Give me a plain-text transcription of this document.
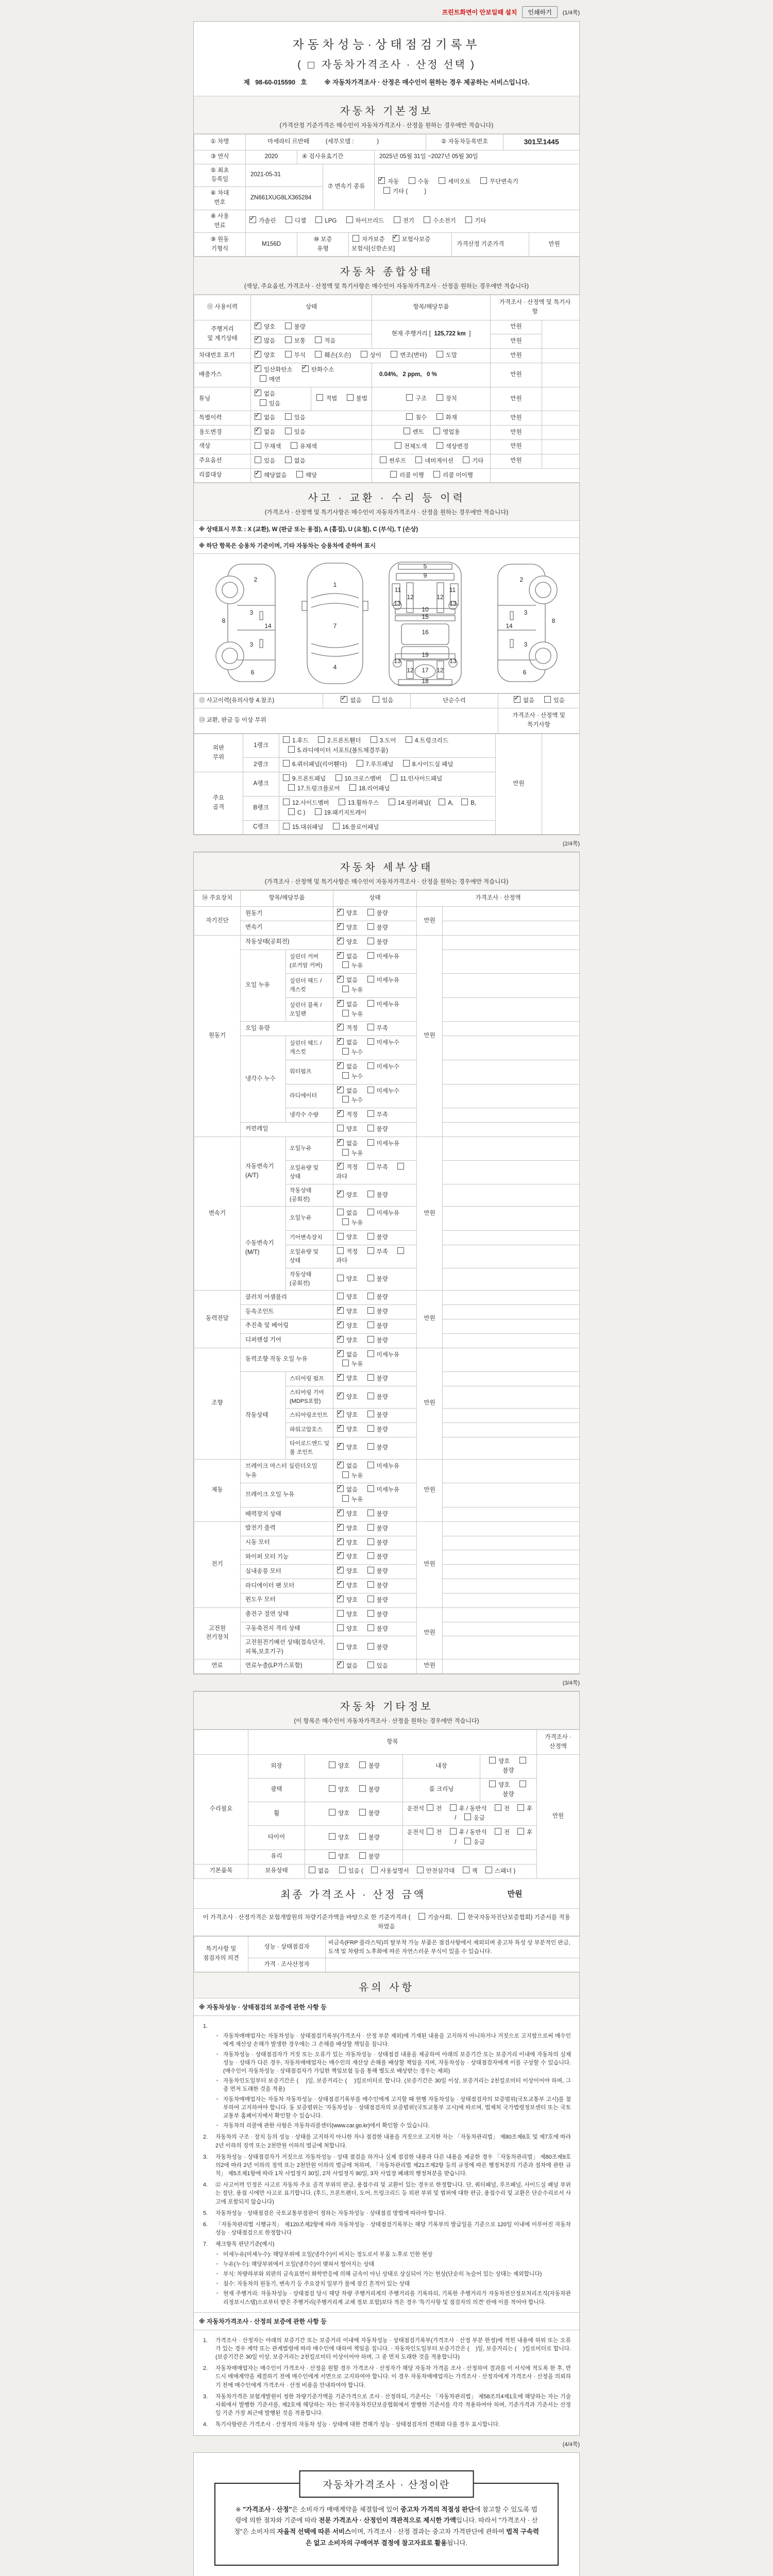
프린트화면이 안보일때 설치	인쇄하기	(1/4쪽)
자동차성능·상태점검기록부
(  자동차가격조사 · 산정 선택 )
제   98-60-015590   호	※ 자동차가격조사 · 산정은 매수인이 원하는 경우 제공하는 서비스입니다.
자동차 기본정보
(가격산정 기준가격은 매수인이 자동차가격조사 · 산정을 원하는 경우에만 적습니다)
① 차명	마세라티 르반떼          (세부모델 :              )					② 자동차등록번호		301모1445	
③ 연식	2020	④ 검사유효기간			2025년 05월 31일 ~2027년 05월 30일				
⑤ 최초
등록일	2021-05-31		⑦ 변속기 종류	✓자동 수동 세미오토 무단변속기
기타 (          )
⑥ 차대
번호	ZN661XUG8LX365284								
⑧ 사용
연료	✓가솔린 디젤 LPG 하이브리드 전기 수소전기 기타
⑨ 원동
기형식	M156D	⑩ 보증
유형		자가보증 ✓ 보험사보증 보험사[신한손보]			가격산정 기준가격		만원
자동차 종합상태
(색상, 주요옵션, 가격조사 · 산정액 및 특기사항은 매수인이 자동차가격조사 · 산정을 원하는 경우에만 적습니다)
⑪ 사용이력	상태		항목/해당부품	가격조사 · 산정액 및 특기사
항	
주행거리
및 계기상태	✓양호 불량		현재 주행거리 [  125,722 km  ]	만원	
✓많음 보통 적음			만원	
차대번호 표기	✓양호 부식 훼손(오손) 상이 변조(변타) 도말			만원	
배출가스	✓일산화탄소 ✓ 탄화수소
매연		0.04%,   2 ppm,   0 %	만원	
튜닝	✓없음
있음	적법 불법	구조 장치	만원	
특별이력	✓없음 있음		침수 화재	만원	
용도변경	✓없음 있음		렌트 영업용	만원	
색상	무채색 유채색		전체도색 색상변경	만원	
주요옵션	있음 없음		썬루프 네비게이션 기타	만원	
리콜대상	✓해당없음 해당		리콜 이행 리콜 미이행		
사고 · 교환 · 수리 등 이력
(가격조사 · 산정액 및 특기사항은 매수인이 자동차가격조사 · 산정을 원하는 경우에만 적습니다)
※ 상태표시 부호 : X (교환), W (판금 또는 용접), A (흠집), U (요철), C (부식), T (손상)
※ 하단 항목은 승용차 기준이며, 기타 자동차는 승용차에 준하여 표시
2
8
3
14
3
6
1
7
4
5
9
11	11
12	12
13	13
10
15
16
19
13	13
12	12
17
18
2
8
3
14
3
6
⑫ 사고이력(유의사항 4.참조)	✓없음 있음	단순수리	✓없음 있음
⑬ 교환, 판금 등 이상 부위			가격조사 · 산정액 및 특기사항
외판
부위	1랭크	1.후드 2.프론트휀더 3.도어 4.트렁크리드
5.라디에이터 서포트(볼트체결부품)	만원	
	2랭크	6.쿼터패널(리어휀다) 7.루프패널 8.사이드실 패널		
주요
골격	A랭크	9.프론트패널 10.크로스멤버 11.인사이드패널
17.트렁크플로어 18.리어패널		
	B랭크	12.사이드멤버 13.휠하우스 14.필러패널( A, B, C ) 19.패키지트레이		
	C랭크	15.대쉬패널 16.플로어패널		
(2/4쪽)
자동차 세부상태
(가격조사 · 산정액 및 특기사항은 매수인이 자동차가격조사 · 산정을 원하는 경우에만 적습니다)
⑭ 주요장치	항목/해당부품		상태	가격조사 · 산정액	
자기진단	원동기	✓양호 불량	만원	
	변속기	✓양호 불량	
원동기	작동상태(공회전)	✓양호 불량	만원	
	오일 누유	실린더 커버(로커암 커버)	✓없음 미세누유  누유	
		실린더 헤드 / 개스킷	✓없음 미세누유  누유	
		실린더 블록 / 오일팬	✓없음 미세누유  누유	
	오일 유량	✓적정 부족	
	냉각수 누수	실린더 헤드 / 개스킷	✓없음 미세누수  누수	
		워터펌프	✓없음 미세누수  누수	
		라디에이터	✓없음 미세누수  누수	
		냉각수 수량	✓적정 부족	
	커먼레일		양호 불량		
변속기	자동변속기
(A/T)	오일누유	✓없음 미세누유  누유	만원	
		오일유량 및 상태	✓적정 부족  과다	
		작동상태(공회전)	✓양호 불량	
	수동변속기
(M/T)	오일누유	없음 미세누유  누유		
		기어변속장치	양호 불량		
		오일유량 및 상태	적정 부족  과다		
		작동상태(공회전)	양호 불량		
동력전달	클러치 어셈블리		양호 불량	만원	
	등속조인트	✓양호 불량	
	추진축 및 베어링	✓양호 불량	
	디퍼렌셜 기어	✓양호 불량	
조향	동력조향 작동 오일 누유	✓없음 미세누유  누유	만원	
	작동상태	스티어링 펌프	✓양호 불량	
		스티어링 기어(MDPS포함)	✓양호 불량	
		스티어링조인트	✓양호 불량	
		파워고압호스	✓양호 불량	
		타이로드엔드 및 볼 조인트	✓양호 불량	
제동	브레이크 마스터 실린더오일 누유	✓없음 미세누유  누유	만원	
	브레이크 오일 누유	✓없음 미세누유  누유	
	배력장치 상태	✓양호 불량	
전기	발전기 출력	✓양호 불량	만원	
	시동 모터	✓양호 불량	
	와이퍼 모터 기능	✓양호 불량	
	실내송풍 모터	✓양호 불량	
	라디에이터 팬 모터	✓양호 불량	
	윈도우 모터	✓양호 불량	
고전원
전기장치	충전구 절연 상태		양호 불량	만원	
	구동축전지 격리 상태		양호 불량		
	고전원전기배선 상태(접속단자,피복,보호기구)		양호 불량		
연료	연료누출(LP가스포함)	✓없음 있음	만원	
(3/4쪽)
자동차 기타정보
(이 항목은 매수인이 자동차가격조사 · 산정을 원하는 경우에만 적습니다)
	항목				가격조사 · 산정액
수리필요	외장	양호 불량	내장	양호  불량	만원
	광택	양호 불량	룸 크리닝	양호  불량	
	휠	양호 불량	운전석 전 후 / 동반석 전 후 / 응급		
	타이어	양호 불량	운전석 전 후 / 동반석 전 후 / 응급		
	유리	양호 불량			
기본품목	보유상태	없음 있음 ( 사용설명서 안전삼각대 잭 스패너 )			
최종 가격조사 · 산정 금액	만원
이 가격조사 · 산정가격은 보험개발원의 차량기준가액을 바탕으로 한 기준가격과 (	기술사회,	한국자동차진단보증협회) 기준서를 적용하였음
특기사항 및
점검자의 의견	성능 · 상태점검자	비금속(FRP 플라스틱)의 탈부착 가능 부품은 점검사항에서 제외되며 중고차 특성 상 부분적인 판금,도색 및 차량의 노후화에 따른 자연스러운 부식이 있을 수 있습니다.
	가격 · 조사산정자	
유의 사항
※ 자동차성능 · 상태점검의 보증에 관한 사항 등
1.
· 자동차매매업자는 자동차성능 · 상태점검기록부(가격조사 · 산정 부분 제외)에 기재된 내용을 고지하지 아니하거나 거짓으로 고지함으로써 매수인에게 재산상 손해가 발생한 경우에는 그 손해를 배상할 책임을 집니다.
· 자동차성능 · 상태점검자가 거짓 또는 오류가 있는 자동차성능 · 상태점검 내용을 제공하여 아래의 보증기간 또는 보증거리 이내에 자동차의 실제 성능 · 상태가 다른 경우, 자동차매매업자는 매수인의 재산상 손해를 배상할 책임을 지며, 자동차성능 · 상태점검자에게 이를 구상할 수 있습니다.(매수인이 자동차성능 · 상태점검자가 가입한 책임보험 등을 통해 별도로 배상받는 경우는 제외)
· 자동차인도일부터 보증기간은 (    )일, 보증거리는 (    )킬로미터로 합니다. (보증기간은 30일 이상, 보증거리는 2천킬로미터 이상이어야 하며, 그 중 먼저 도래한 것을 적용)
· 자동차매매업자는 자동차 자동차성능 · 상태점검기록부를 매수인에게 고지할 때 현행 자동차성능 · 상태점검자의 보증범위(국토교통부 고시)를 첨부하여 고지하여야 합니다. 동 보증범위는 '자동차성능 · 상태점검자의 보증범위'(국토교통부 고시)에 따르며, 법제처 국가법령정보센터 또는 국토교통부 홈페이지에서 확인할 수 있습니다.
· 자동차의 리콜에 관한 사항은 자동차리콜센터(www.car.go.kr)에서 확인할 수 있습니다.
2.	자동차의 구조 · 장치 등의 성능 · 상태를 고지하지 아니한 자나 점검한 내용을 거짓으로 고지한 자는 「자동차관리법」 제80조제6호 및 제7호에 따라 2년 이하의 징역 또는 2천만원 이하의 벌금에 처합니다.
3.	자동차성능 · 상태점검자가 거짓으로 자동차성능 · 상태 점검을 하거나 실제 점검한 내용과 다른 내용을 제공한 경우 「자동차관리법」 제80조제9호의2에 따라 2년 이하의 징역 또는 2천만원 이하의 벌금에 처하며, 「자동차관리법 제21조제2항 등의 규정에 따른 행정처분의 기준과 절차에 관한 규칙」 제5조제1항에 따라 1차 사업정지 30일, 2차 사업정지 90일, 3차 사업장 폐쇄의 행정처분을 받습니다.
4.	⑫ 사고이력 인정은 사고로 자동차 주요 골격 부위의 판금, 용접수리 및 교환이 있는 경우로 한정합니다. 단, 쿼터패널, 루프패널, 사이드실 패널 부위는 절단, 용접 시에만 사고로 표기합니다. (후드, 프론트펜더, 도어, 트렁크리드 등 외판 부위 및 범퍼에 대한 판금, 용접수리 및 교환은 단순수리로서 사고에 포함되지 않습니다)
5.	자동차성능 · 상태점검은 국토교통부장관이 정하는 자동차성능 · 상태점검 방법에 따라야 합니다.
6.	「자동차관리법 시행규칙」 제120조제2항에 따라 자동차성능 · 상태점검기록부는 해당 기록부의 발급일을 기준으로 120일 이내에 이루어진 자동차 성능 · 상태점검으로 한정합니다
7.	체크항목 판단기준(예시)
· 미세누유(미세누수): 해당부위에 오일(냉각수)이 비치는 정도로서 부품 노후로 인한 현상
· 누유(누수): 해당부위에서 오일(냉각수)이 맺혀서 떨어지는 상태
· 부식: 차량하부와 외판의 금속표면이 화학반응에 의해 금속이 아닌 상태로 상실되어 가는 현상(단순히 녹슬어 있는 상태는 제외합니다)
· 침수: 자동차의 원동기, 변속기 등 주요장치 일부가 물에 잠긴 흔적이 있는 상태
· 현재 주행거리: 자동차성능 · 상태점검 당시 해당 차량 주행거리계의 주행거리를 기록하되, 기록한 주행거리가 자동차전산정보처리조직(자동차관리정보시스템)으로부터 받은 주행거리(주행거리계 교체 정보 포함)보다 적은 경우 '특기사항 및 점검자의 의견' 란에 이를 적어야 합니다.
※ 자동차가격조사 · 산정의 보증에 관한 사항 등
1.	가격조사 · 산정자는 아래의 보증기간 또는 보증거리 이내에 자동차성능 · 상태점검기록부(가격조사 · 산정 부분 한정)에 적힌 내용에 허위 또는 오류가 있는 경우 계약 또는 관계법령에 따라 매수인에 대하여 책임을 집니다. · 자동차인도일부터 보증기간은 (    )일, 보증거리는 (    )킬로미터로 합니다. (보증기간은 30일 이상, 보증거리는 2천킬로미터 이상이어야 하며, 그 중 먼저 도래한 것을 적용합니다)
2.	자동차매매업자는 매수인이 가격조사 · 산정을 원할 경우 가격조사 · 산정자가 해당 자동차 가격을 조사 · 산정하여 결과를 이 서식에 적도록 한 후, 반드시 매매계약을 체결하기 전에 매수인에게 서면으로 고지하여야 합니다. 이 경우 자동차매매업자는 가격조사 · 산정자에게 가격조사 · 산정을 의뢰하기 전에 매수인에게 가격조사 · 산정 비용을 안내하여야 합니다.
3.	자동차가격은 보험개발원이 정한 차량기준가액을 기준가격으로 조사 · 산정하되, 기준서는 「자동차관리법」 제58조의4제1호에 해당하는 자는 기술사회에서 발행한 기준서를, 제2호에 해당하는 자는 한국자동차진단보증협회에서 발행한 기준서를 각각 적용하여야 하며, 기준가격과 기준서는 산정일 기준 가장 최근에 발행된 것을 적용합니다.
4.	특기사항란은 가격조사 · 산정자의 자동차 성능 · 상태에 대한 견해가 성능 · 상태점검자의 견해와 다를 경우 표시합니다.
(4/4쪽)
자동차가격조사 · 산정이란
※ "가격조사 · 산정"은 소비자가 매매계약을 체결함에 있어 중고차 가격의 적절성 판단에 참고할 수 있도록 법령에 의한 절차와 기준에 따라 전문 가격조사 · 산정인이 객관적으로 제시한 가액입니다. 따라서 "가격조사 · 산정"은 소비자의 자율적 선택에 따른 서비스이며, 가격조사 · 산정 결과는 중고차 가격판단에 관하여 법적 구속력은 없고 소비자의 구매여부 결정에 참고자료로 활용됩니다.
